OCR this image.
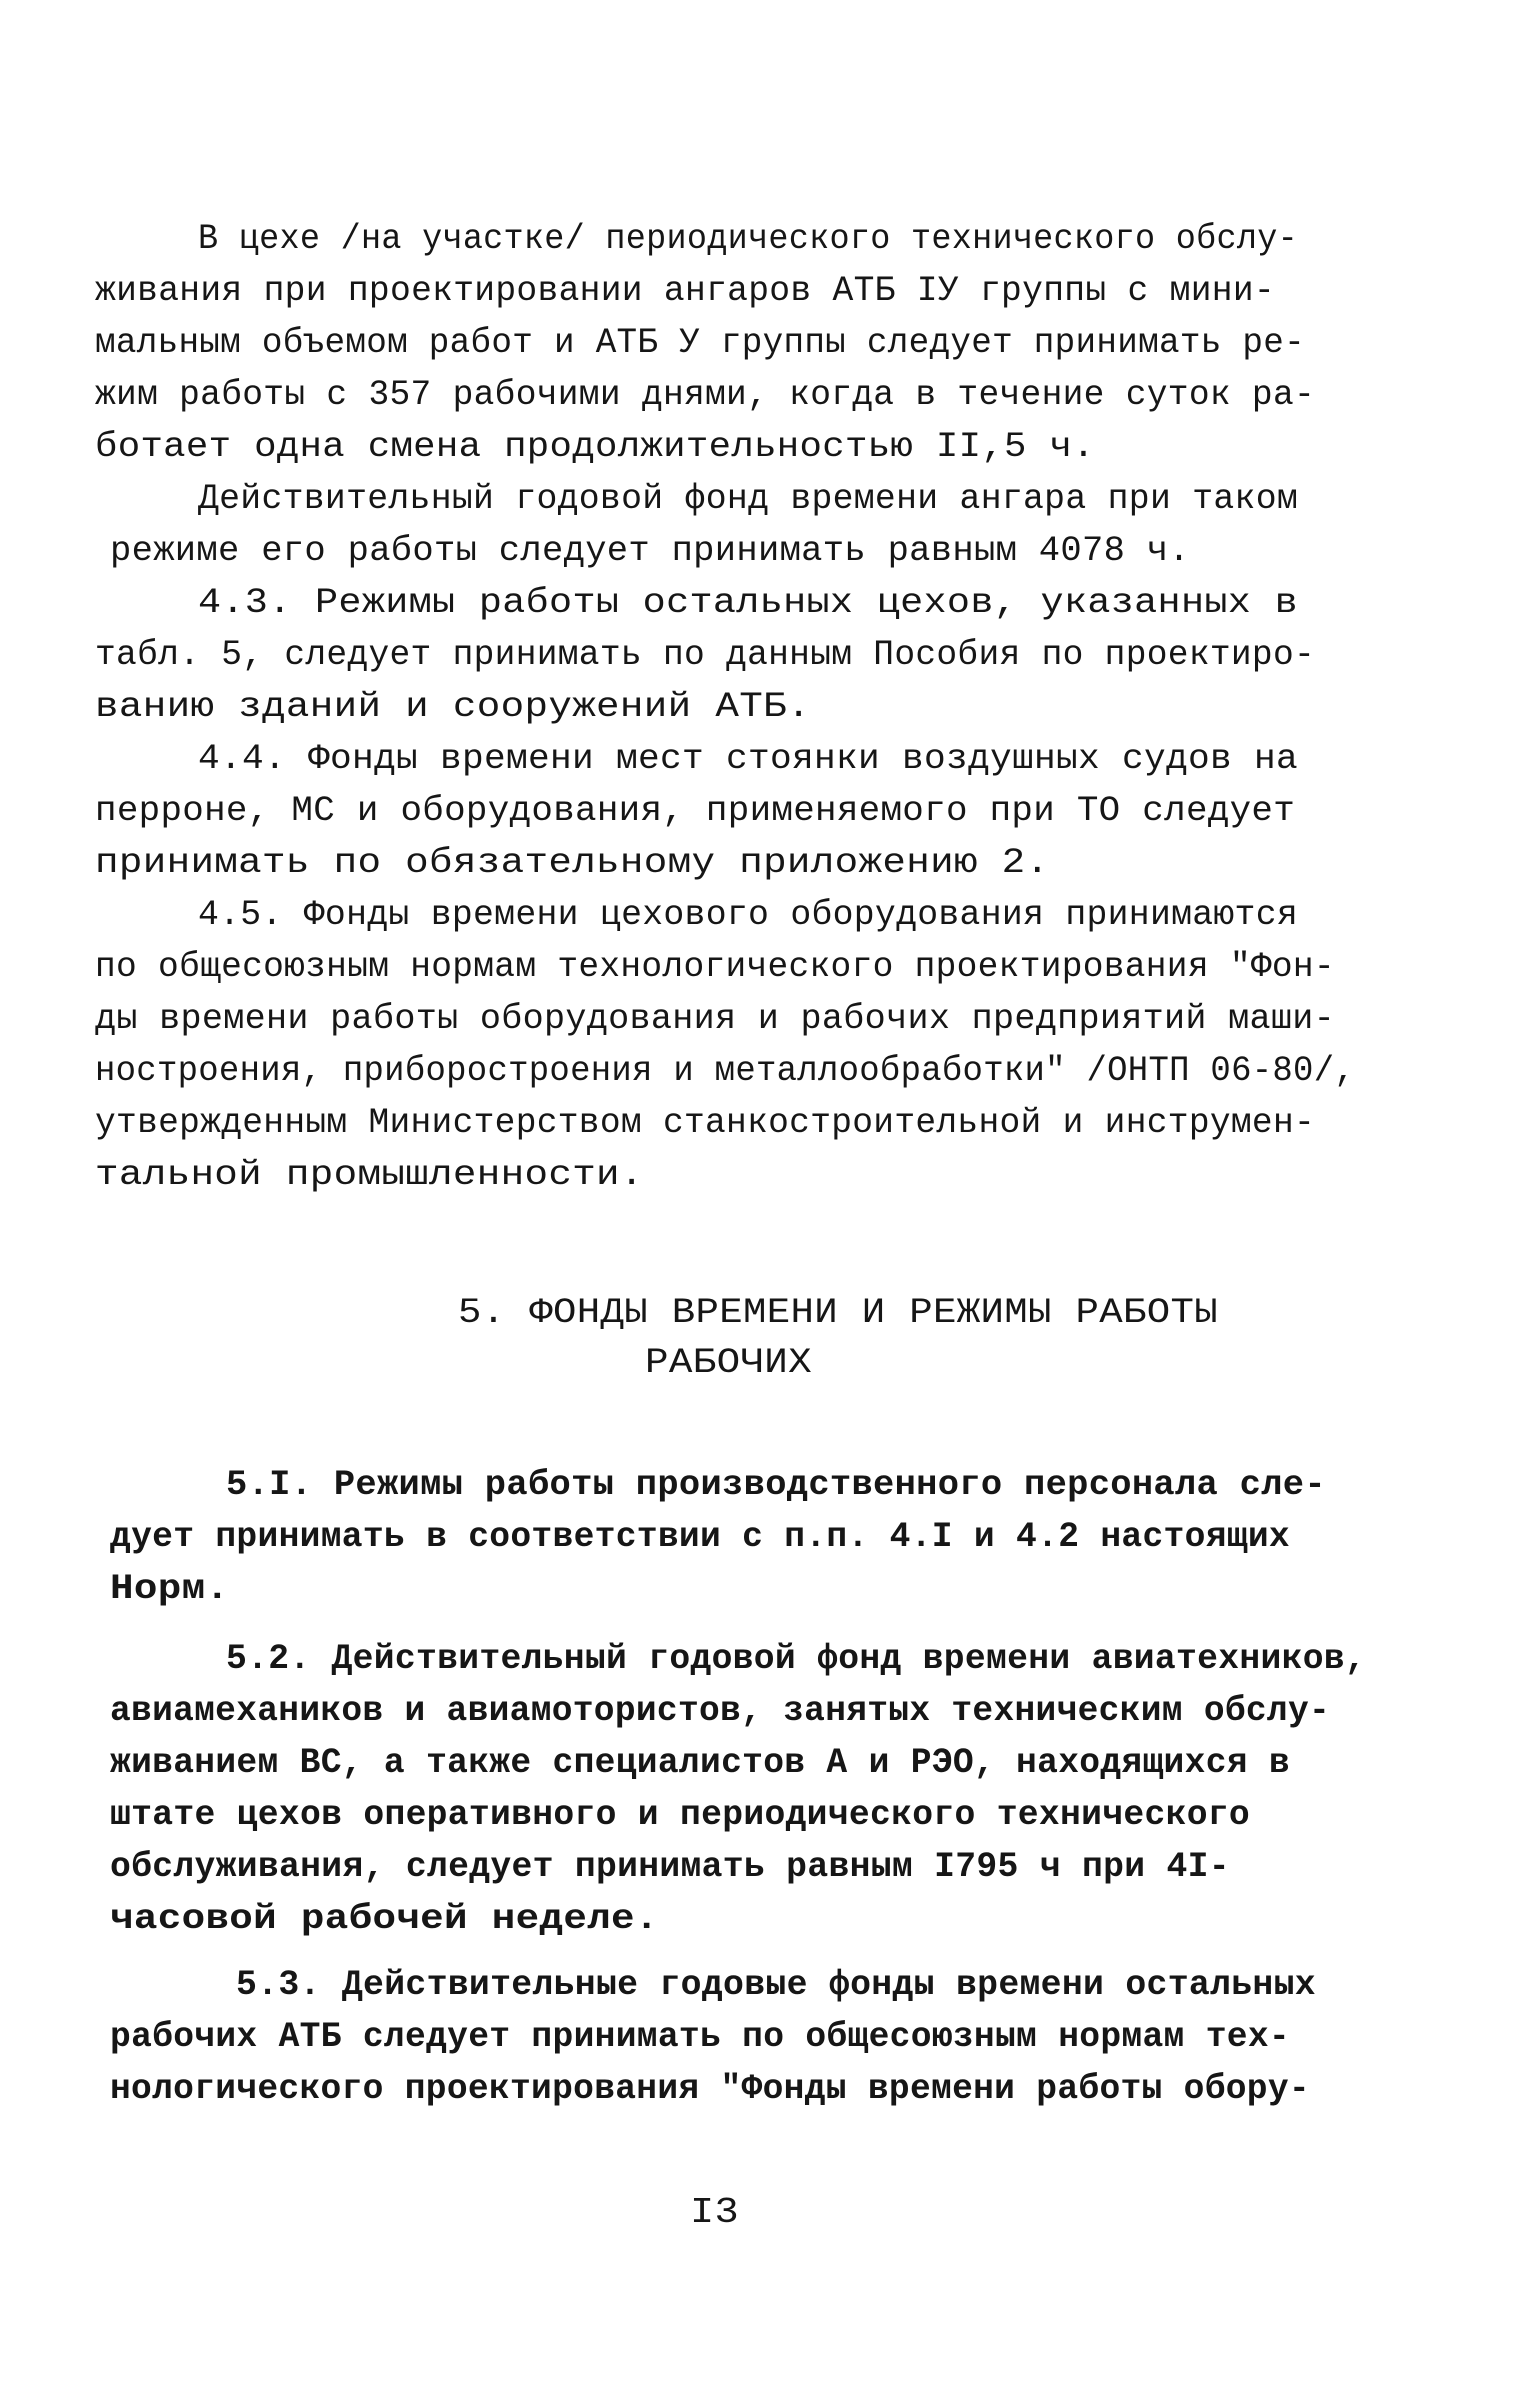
В цехе /на участке/ периодического технического обслу-

живания при проектировании ангаров АТБ IУ группы с мини-

мальным объемом работ и АТБ У группы следует принимать ре-

жим работы с 357 рабочими днями, когда в течение суток ра-

ботает одна смена продолжительностью II,5 ч.

Действительный годовой фонд времени ангара при таком

режиме его работы следует принимать равным 4078 ч.

4.3. Режимы работы остальных цехов, указанных в

табл. 5, следует принимать по данным Пособия по проектиро-

ванию зданий и сооружений АТБ.

4.4. Фонды времени мест стоянки воздушных судов на

перроне, МС и оборудования, применяемого при ТО следует

принимать по обязательному приложению 2.

4.5. Фонды времени цехового оборудования принимаются

по общесоюзным нормам технологического проектирования "Фон-

ды времени работы оборудования и рабочих предприятий маши-

ностроения, приборостроения и металлообработки" /ОНТП 06-80/,

утвержденным Министерством станкостроительной и инструмен-

тальной промышленности.

5. ФОНДЫ ВРЕМЕНИ И РЕЖИМЫ РАБОТЫ

РАБОЧИХ

5.I. Режимы работы производственного персонала сле-

дует принимать в соответствии с п.п. 4.I и 4.2 настоящих

Норм.

5.2. Действительный годовой фонд времени авиатехников,

авиамехаников и авиамотористов, занятых техническим обслу-

живанием ВС, а также специалистов А и РЭО, находящихся в

штате цехов оперативного и периодического технического

обслуживания, следует принимать равным I795 ч при 4I-

часовой рабочей неделе.

5.3. Действительные годовые фонды времени остальных

рабочих АТБ следует принимать по общесоюзным нормам тех-

нологического проектирования "Фонды времени работы обору-

I3
